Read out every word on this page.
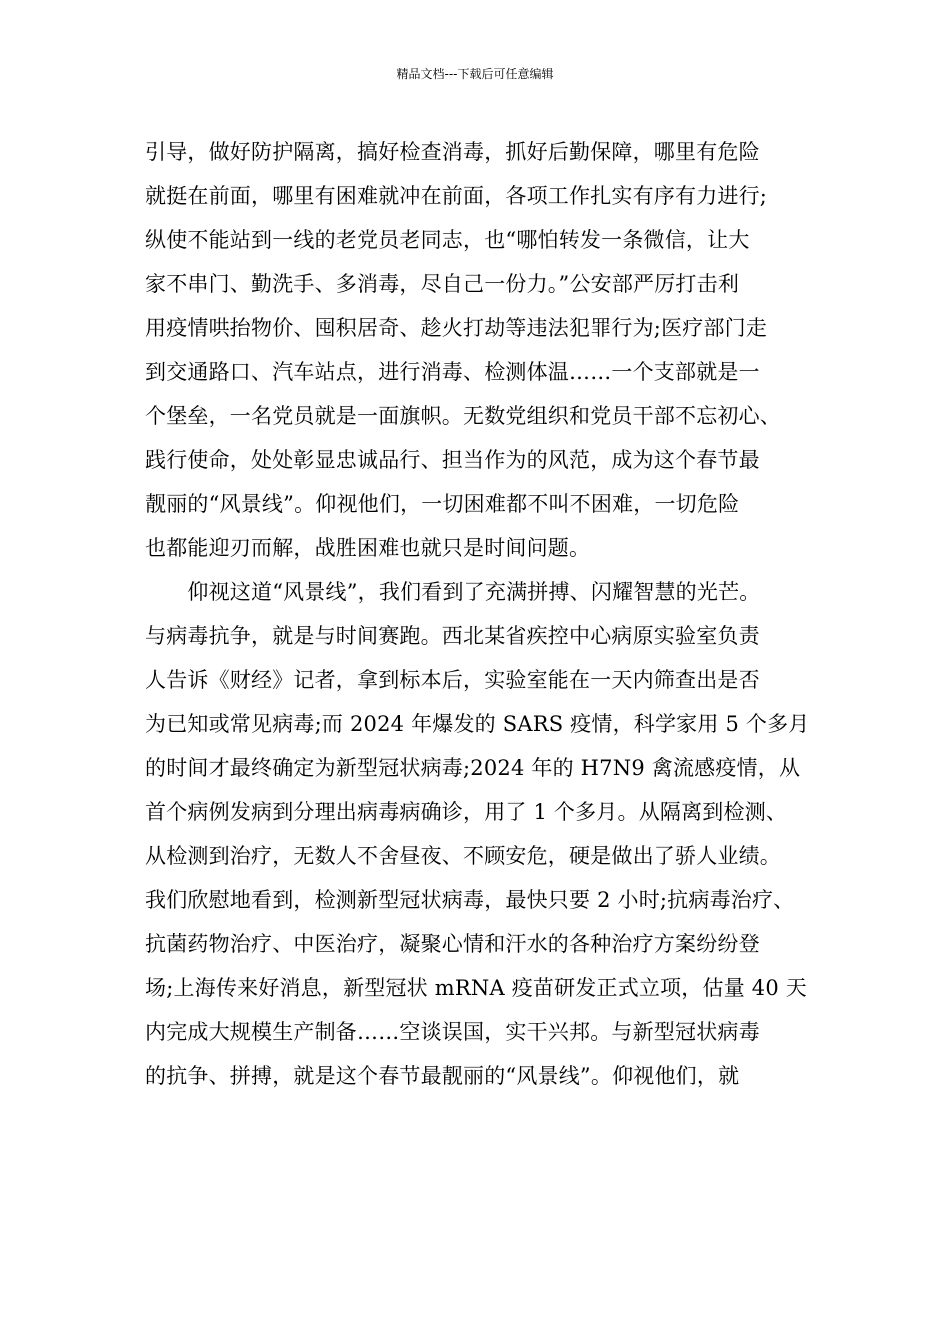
精品文档---下载后可任意编辑
引导，做好防护隔离，搞好检查消毒，抓好后勤保障，哪里有危险
就挺在前面，哪里有困难就冲在前面，各项工作扎实有序有力进行;
纵使不能站到一线的老党员老同志，也“哪怕转发一条微信，让大
家不串门、勤洗手、多消毒，尽自己一份力。”公安部严厉打击利
用疫情哄抬物价、囤积居奇、趁火打劫等违法犯罪行为;医疗部门走
到交通路口、汽车站点，进行消毒、检测体温……一个支部就是一
个堡垒，一名党员就是一面旗帜。无数党组织和党员干部不忘初心、
践行使命，处处彰显忠诚品行、担当作为的风范，成为这个春节最
靓丽的“风景线”。仰视他们，一切困难都不叫不困难，一切危险
也都能迎刃而解，战胜困难也就只是时间问题。
　　仰视这道“风景线”，我们看到了充满拼搏、闪耀智慧的光芒。
与病毒抗争，就是与时间赛跑。西北某省疾控中心病原实验室负责
人告诉《财经》记者，拿到标本后，实验室能在一天内筛查出是否
为已知或常见病毒;而 2024 年爆发的 SARS 疫情，科学家用 5 个多月
的时间才最终确定为新型冠状病毒;2024 年的 H7N9 禽流感疫情，从
首个病例发病到分理出病毒病确诊，用了 1 个多月。从隔离到检测、
从检测到治疗，无数人不舍昼夜、不顾安危，硬是做出了骄人业绩。
我们欣慰地看到，检测新型冠状病毒，最快只要 2 小时;抗病毒治疗、
抗菌药物治疗、中医治疗，凝聚心情和汗水的各种治疗方案纷纷登
场;上海传来好消息，新型冠状 mRNA 疫苗研发正式立项，估量 40 天
内完成大规模生产制备……空谈误国，实干兴邦。与新型冠状病毒
的抗争、拼搏，就是这个春节最靓丽的“风景线”。仰视他们，就
